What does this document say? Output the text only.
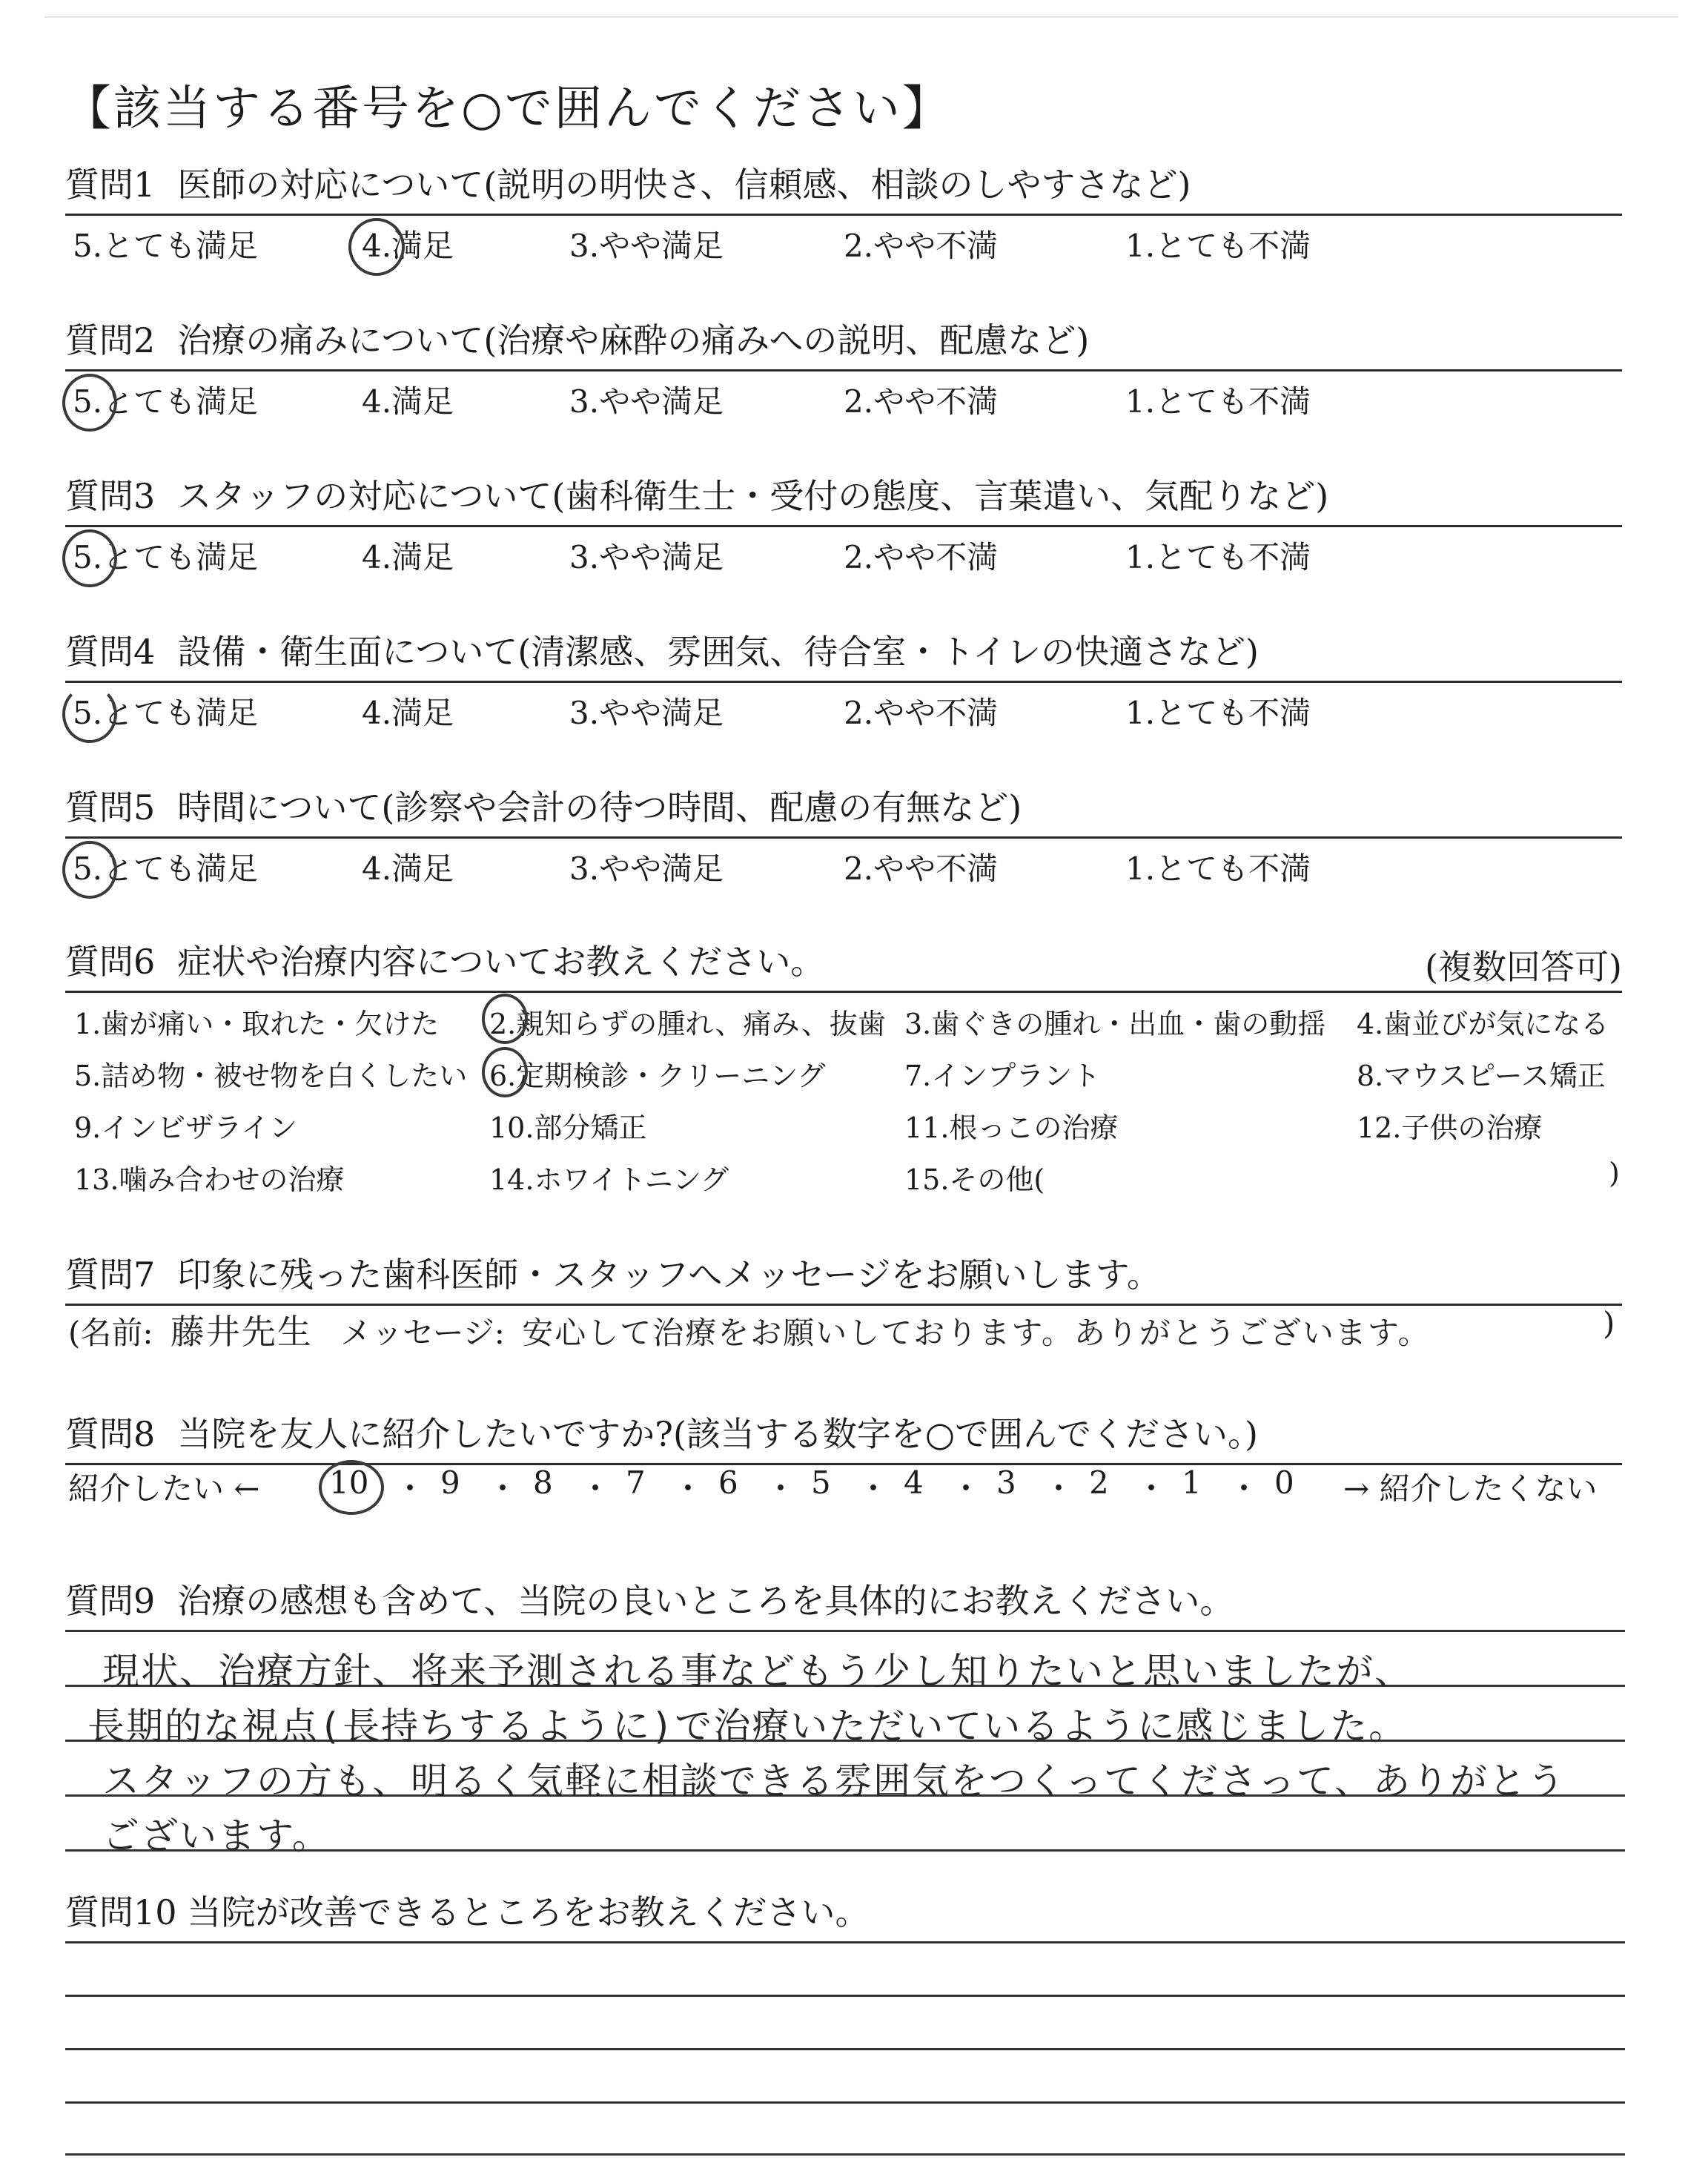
【該当する番号を○で囲んでください】
質問1 医師の対応について(説明の明快さ、信頼感、相談のしやすさなど)
5.とても満足	4.満足	3.やや満足	2.やや不満	1.とても不満
質問2 治療の痛みについて(治療や麻酔の痛みへの説明、配慮など)
5.とても満足	4.満足	3.やや満足	2.やや不満	1.とても不満
質問3 スタッフの対応について(歯科衛生士・受付の態度、言葉遣い、気配りなど)
5.とても満足	4.満足	3.やや満足	2.やや不満	1.とても不満
質問4 設備・衛生面について(清潔感、雰囲気、待合室・トイレの快適さなど)
5.とても満足	4.満足	3.やや満足	2.やや不満	1.とても不満
質問5 時間について(診察や会計の待つ時間、配慮の有無など)
5.とても満足	4.満足	3.やや満足	2.やや不満	1.とても不満
質問6 症状や治療内容についてお教えください。	(複数回答可)
1.歯が痛い・取れた・欠けた 2.親知らずの腫れ、痛み、抜歯 3.歯ぐきの腫れ・出血・歯の動揺 4.歯並びが気になる
5.詰め物・被せ物を白くしたい 6.定期検診・クリーニング	7.インプラント	8.マウスピース矯正
9.インビザライン	10.部分矯正	11.根っこの治療	12.子供の治療
13.噛み合わせの治療	14.ホワイトニング	15.その他(	)
質問7 印象に残った歯科医師・スタッフへメッセージをお願いします。
(名前: 藤井先生 メッセージ: 安心して治療をお願いしております。ありがとうございます。	)
質問8 当院を友人に紹介したいですか?(該当する数字を○で囲んでください。)
紹介したい ← 10 ・ 9 ・ 8 ・ 7 ・ 6 ・ 5 ・ 4 ・ 3 ・ 2 ・ 1 ・ 0 → 紹介したくない
質問9 治療の感想も含めて、当院の良いところを具体的にお教えください。
現状、治療方針、将来予測される事などもう少し知りたいと思いましたが、
長期的な視点(長持ちするように)で治療いただいているように感じました。
スタッフの方も、明るく気軽に相談できる雰囲気をつくってくださって、ありがとう
ございます。
質問10 当院が改善できるところをお教えください。
